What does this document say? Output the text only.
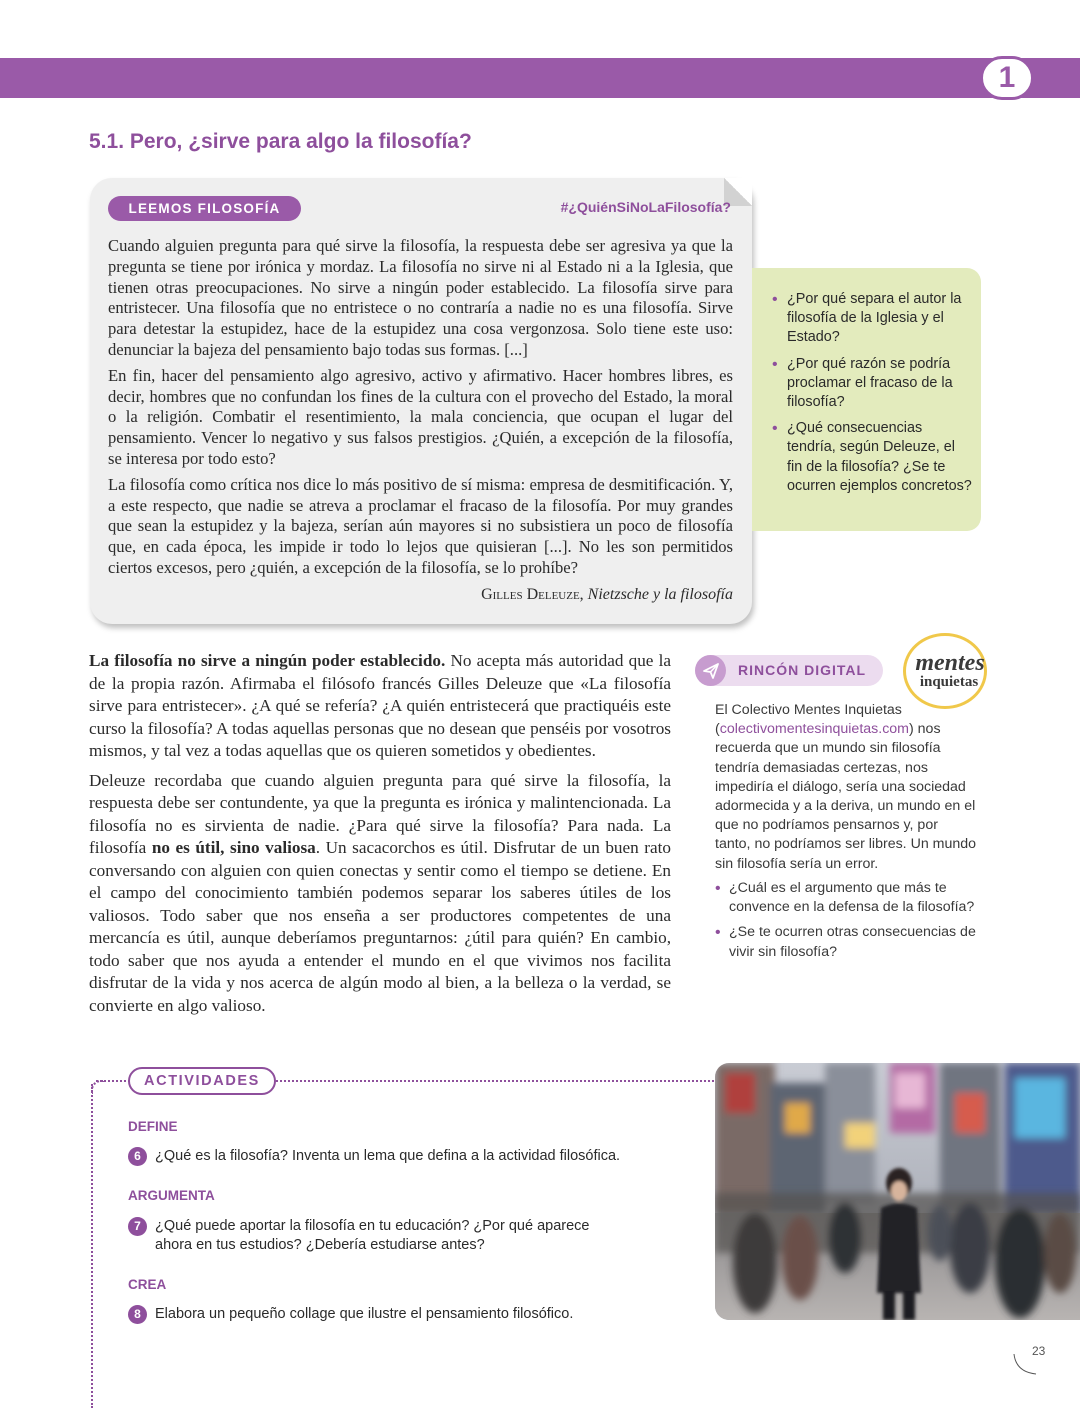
1
5.1. Pero, ¿sirve para algo la filosofía?
LEEMOS FILOSOFÍA	#¿QuiénSiNoLaFilosofía?

Cuando alguien pregunta para qué sirve la filosofía, la respuesta debe ser agresiva ya que la pregunta se tiene por irónica y mordaz. La filosofía no sirve ni al Estado ni a la Iglesia, que tienen otras preocupaciones. No sirve a ningún poder establecido. La filosofía sirve para entristecer. Una filosofía que no entristece o no contraría a nadie no es una filosofía. Sirve para detestar la estupidez, hace de la estupidez una cosa vergonzosa. Solo tiene este uso: denunciar la bajeza del pensamiento bajo todas sus formas. [...]

En fin, hacer del pensamiento algo agresivo, activo y afirmativo. Hacer hombres libres, es decir, hombres que no confundan los fines de la cultura con el provecho del Estado, la moral o la religión. Combatir el resentimiento, la mala conciencia, que ocupan el lugar del pensamiento. Vencer lo negativo y sus falsos prestigios. ¿Quién, a excepción de la filosofía, se interesa por todo esto?

La filosofía como crítica nos dice lo más positivo de sí misma: empresa de desmitificación. Y, a este respecto, que nadie se atreva a proclamar el fracaso de la filosofía. Por muy grandes que sean la estupidez y la bajeza, serían aún mayores si no subsistiera un poco de filosofía que, en cada época, les impide ir todo lo lejos que quisieran [...]. No les son permitidos ciertos excesos, pero ¿quién, a excepción de la filosofía, se lo prohíbe?

Gilles Deleuze, Nietzsche y la filosofía
• ¿Por qué separa el autor la filosofía de la Iglesia y el Estado?
• ¿Por qué razón se podría proclamar el fracaso de la filosofía?
• ¿Qué consecuencias tendría, según Deleuze, el fin de la filosofía? ¿Se te ocurren ejemplos concretos?

La filosofía no sirve a ningún poder establecido. No acepta más autoridad que la de la propia razón. Afirmaba el filósofo francés Gilles Deleuze que «La filosofía sirve para entristecer». ¿A qué se refería? ¿A quién entristecerá que practiquéis este curso la filosofía? A todas aquellas personas que no desean que penséis por vosotros mismos, y tal vez a todas aquellas que os quieren sometidos y obedientes.

Deleuze recordaba que cuando alguien pregunta para qué sirve la filosofía, la respuesta debe ser contundente, ya que la pregunta es irónica y malintencionada. La filosofía no es sirvienta de nadie. ¿Para qué sirve la filosofía? Para nada. La filosofía no es útil, sino valiosa. Un sacacorchos es útil. Disfrutar de un buen rato conversando con alguien con quien conectas y sentir como el tiempo se detiene. En el campo del conocimiento también podemos separar los saberes útiles de los valiosos. Todo saber que nos enseña a ser productores competentes de una mercancía es útil, aunque deberíamos preguntarnos: ¿útil para quién? En cambio, todo saber que nos ayuda a entender el mundo en el que vivimos nos facilita disfrutar de la vida y nos acerca de algún modo al bien, a la belleza o la verdad, se convierte en algo valioso.

RINCÓN DIGITAL mentes
inquietas
El Colectivo Mentes Inquietas (colectivomentesinquietas.com) nos recuerda que un mundo sin filosofía tendría demasiadas certezas, nos impediría el diálogo, sería una sociedad adormecida y a la deriva, un mundo en el que no podríamos pensarnos y, por tanto, no podríamos ser libres. Un mundo sin filosofía sería un error.
• ¿Cuál es el argumento que más te convence en la defensa de la filosofía?
• ¿Se te ocurren otras consecuencias de vivir sin filosofía?
ACTIVIDADES
DEFINE
6 ¿Qué es la filosofía? Inventa un lema que defina a la actividad filosófica.
ARGUMENTA
7 ¿Qué puede aportar la filosofía en tu educación? ¿Por qué aparece ahora en tus estudios? ¿Debería estudiarse antes?
CREA
8 Elabora un pequeño collage que ilustre el pensamiento filosófico.
23
